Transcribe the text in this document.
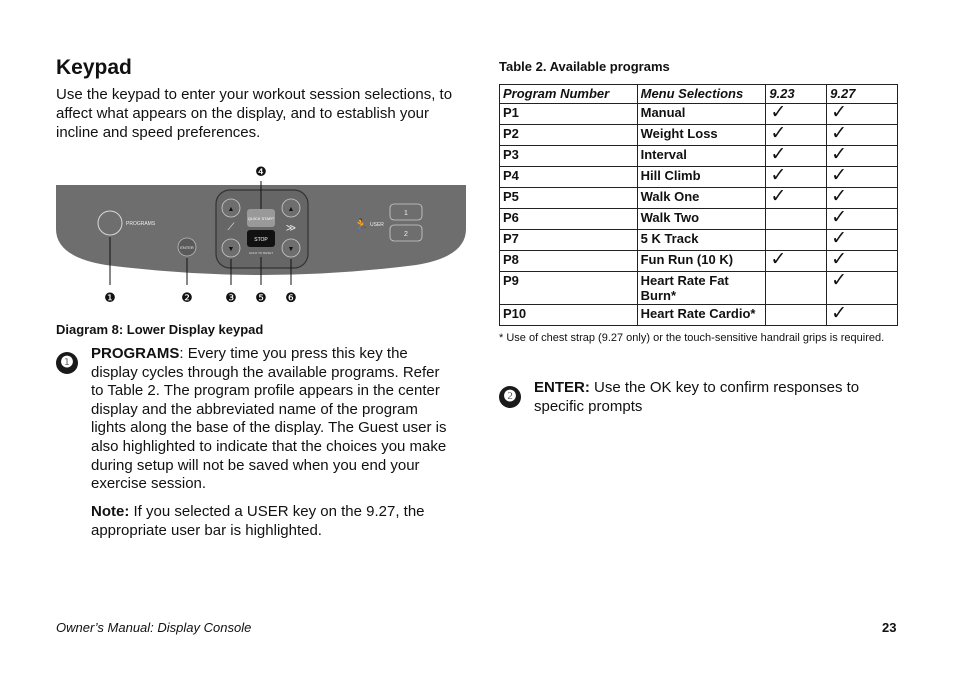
Keypad

Use the keypad to enter your workout session selections, to affect what appears on the display, and to establish your incline and speed preferences.

PROGRAMS
ENTER
▲
▼
⟋
▲
▼
≫
QUICK START
STOP
HOLD TO RESET
🏃 USER
1
2
❶	❷ ❸
❹
❺ ❻

Diagram 8: Lower Display keypad

❶

PROGRAMS: Every time you press this key the display cycles through the available programs. Refer to Table 2. The program profile appears in the center display and the abbreviated name of the program lights along the base of the display. The Guest user is also highlighted to indicate that the choices you make during setup will not be saved when you end your exercise session.

Note: If you selected a USER key on the 9.27, the appropriate user bar is highlighted.

Table 2. Available programs

Program Number	Menu Selections	9.23	9.27
P1	Manual	✓	✓
P2	Weight Loss	✓	✓
P3	Interval	✓	✓
P4	Hill Climb	✓	✓
P5	Walk One	✓	✓
P6	Walk Two		✓
P7	5 K Track		✓
P8	Fun Run (10 K)	✓	✓
P9	Heart Rate Fat Burn*		✓
P10	Heart Rate Cardio*		✓

* Use of chest strap (9.27 only) or the touch-sensitive handrail grips is required.

❷

ENTER: Use the OK key to confirm responses to specific prompts

Owner’s Manual: Display Console	23
